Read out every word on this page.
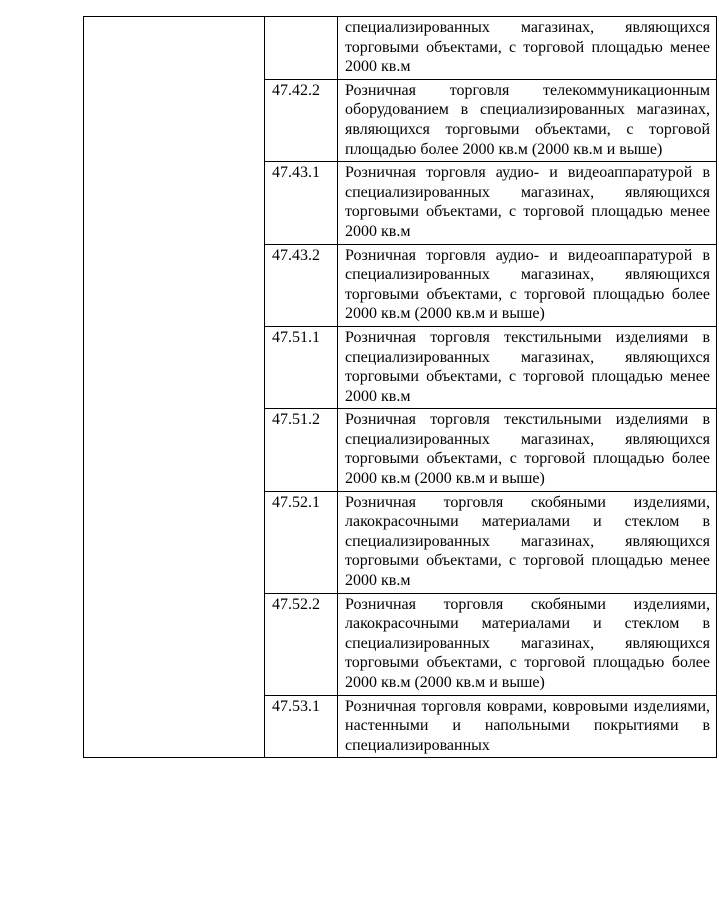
		специализированных магазинах, являющихся торговыми объектами, с торговой площадью менее 2000 кв.м
	47.42.2	Розничная торговля телекоммуникационным оборудованием в специализированных магазинах, являющихся торговыми объектами, с торговой площадью более 2000 кв.м (2000 кв.м и выше)
	47.43.1	Розничная торговля аудио- и видеоаппаратурой в специализированных магазинах, являющихся торговыми объектами, с торговой площадью менее 2000 кв.м
	47.43.2	Розничная торговля аудио- и видеоаппаратурой в специализированных магазинах, являющихся торговыми объектами, с торговой площадью более 2000 кв.м (2000 кв.м и выше)
	47.51.1	Розничная торговля текстильными изделиями в специализированных магазинах, являющихся торговыми объектами, с торговой площадью менее 2000 кв.м
	47.51.2	Розничная торговля текстильными изделиями в специализированных магазинах, являющихся торговыми объектами, с торговой площадью более 2000 кв.м (2000 кв.м и выше)
	47.52.1	Розничная торговля скобяными изделиями, лакокрасочными материалами и стеклом в специализированных магазинах, являющихся торговыми объектами, с торговой площадью менее 2000 кв.м
	47.52.2	Розничная торговля скобяными изделиями, лакокрасочными материалами и стеклом в специализированных магазинах, являющихся торговыми объектами, с торговой площадью более 2000 кв.м (2000 кв.м и выше)
	47.53.1	Розничная торговля коврами, ковровыми изделиями, настенными и напольными покрытиями в специализированных
